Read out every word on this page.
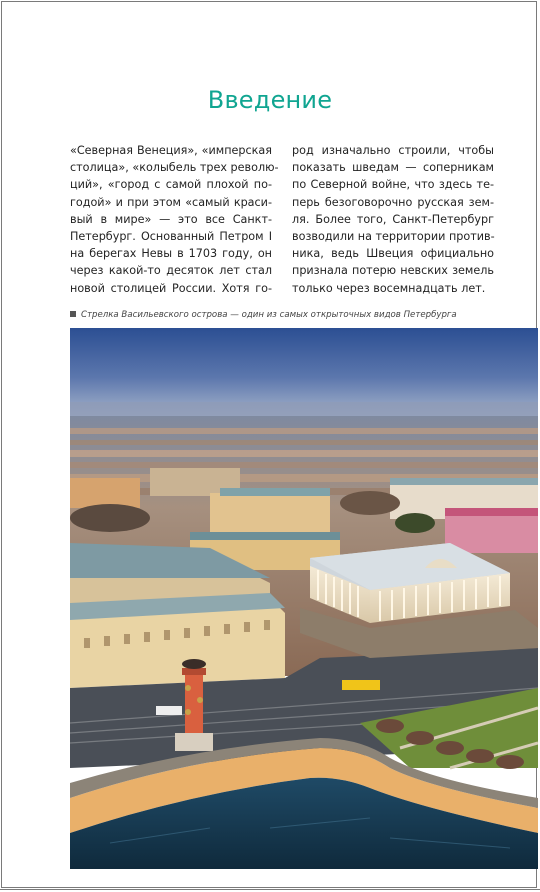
Введение
«Северная Венеция», «имперская
столица», «колыбель трех револю-
ций», «город с самой плохой по-
годой» и при этом «самый краси-
вый в мире» — это все Санкт-
Петербург. Основанный Петром I
на берегах Невы в 1703 году, он
через какой-то десяток лет стал
новой столицей России. Хотя го-
род изначально строили, чтобы
показать шведам — соперникам
по Северной войне, что здесь те-
перь безоговорочно русская зем-
ля. Более того, Санкт-Петербург
возводили на территории против-
ника, ведь Швеция официально
признала потерю невских земель
только через восемнадцать лет.
Стрелка Васильевского острова — один из самых открыточных видов Петербурга
